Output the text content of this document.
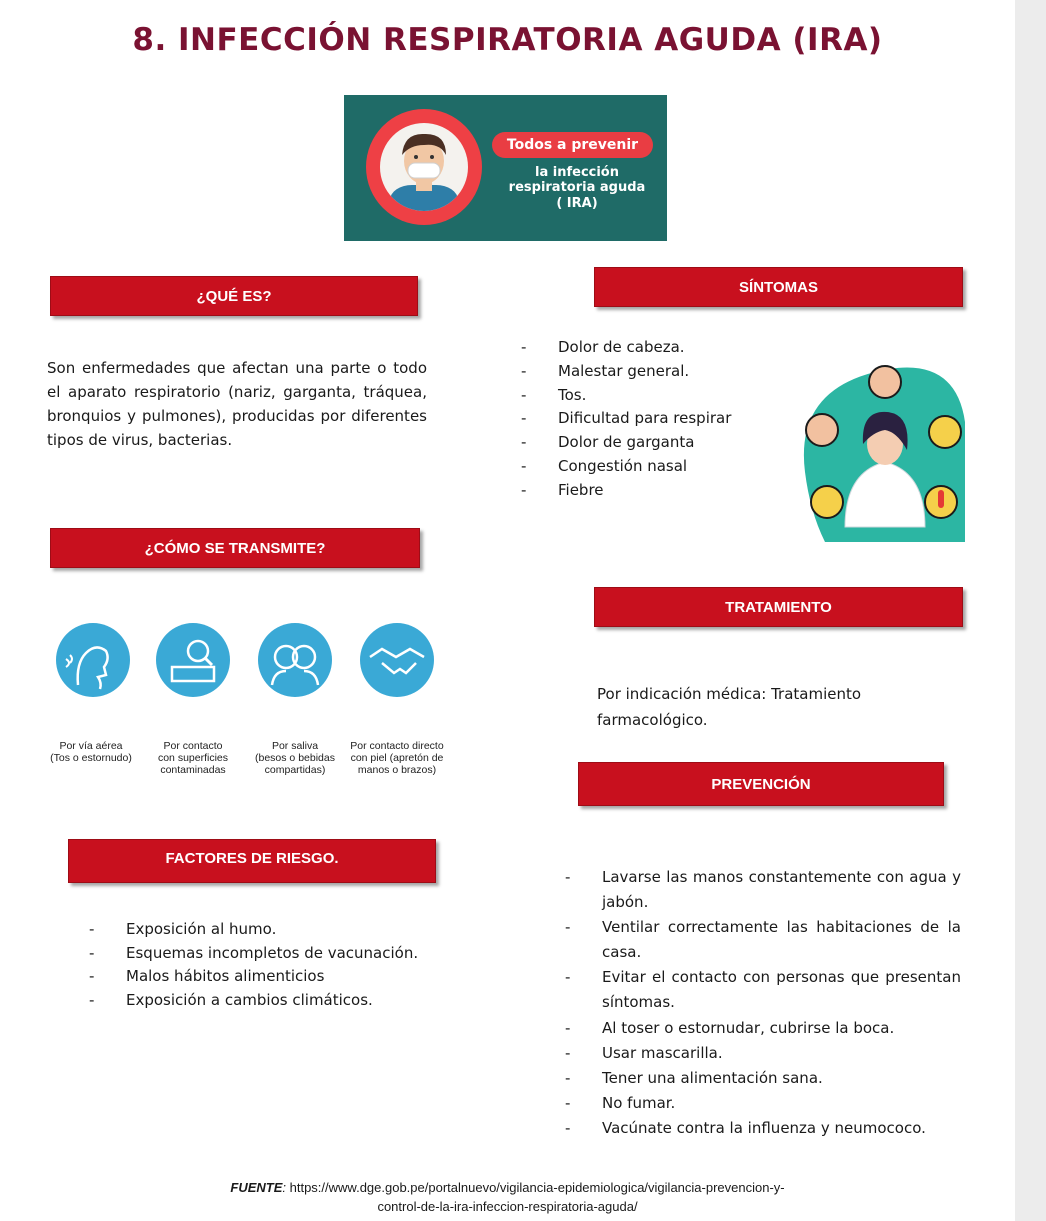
8. INFECCIÓN RESPIRATORIA AGUDA (IRA)
Todos a prevenir
la infección
respiratoria aguda
( IRA)
¿QUÉ ES?
Son enfermedades que afectan una parte o todo el aparato respiratorio (nariz, garganta, tráquea, bronquios y pulmones), producidas por diferentes tipos de virus, bacterias.
SÍNTOMAS
- Dolor de cabeza.
- Malestar general.
- Tos.
- Dificultad para respirar
- Dolor de garganta
- Congestión nasal
- Fiebre
¿CÓMO SE TRANSMITE?
Por vía aérea
(Tos o estornudo)
Por contacto
con superficies
contaminadas
Por saliva
(besos o bebidas
compartidas)
Por contacto directo
con piel (apretón de
manos o brazos)
TRATAMIENTO
Por indicación médica: Tratamiento farmacológico.
PREVENCIÓN
- Lavarse las manos constantemente con agua y jabón.
- Ventilar correctamente las habitaciones de la casa.
- Evitar el contacto con personas que presentan síntomas.
- Al toser o estornudar, cubrirse la boca.
- Usar mascarilla.
- Tener una alimentación sana.
- No fumar.
- Vacúnate contra la influenza y neumococo.
FACTORES DE RIESGO.
- Exposición al humo.
- Esquemas incompletos de vacunación.
- Malos hábitos alimenticios
- Exposición a cambios climáticos.
FUENTE: https://www.dge.gob.pe/portalnuevo/vigilancia-epidemiologica/vigilancia-prevencion-y-
control-de-la-ira-infeccion-respiratoria-aguda/
